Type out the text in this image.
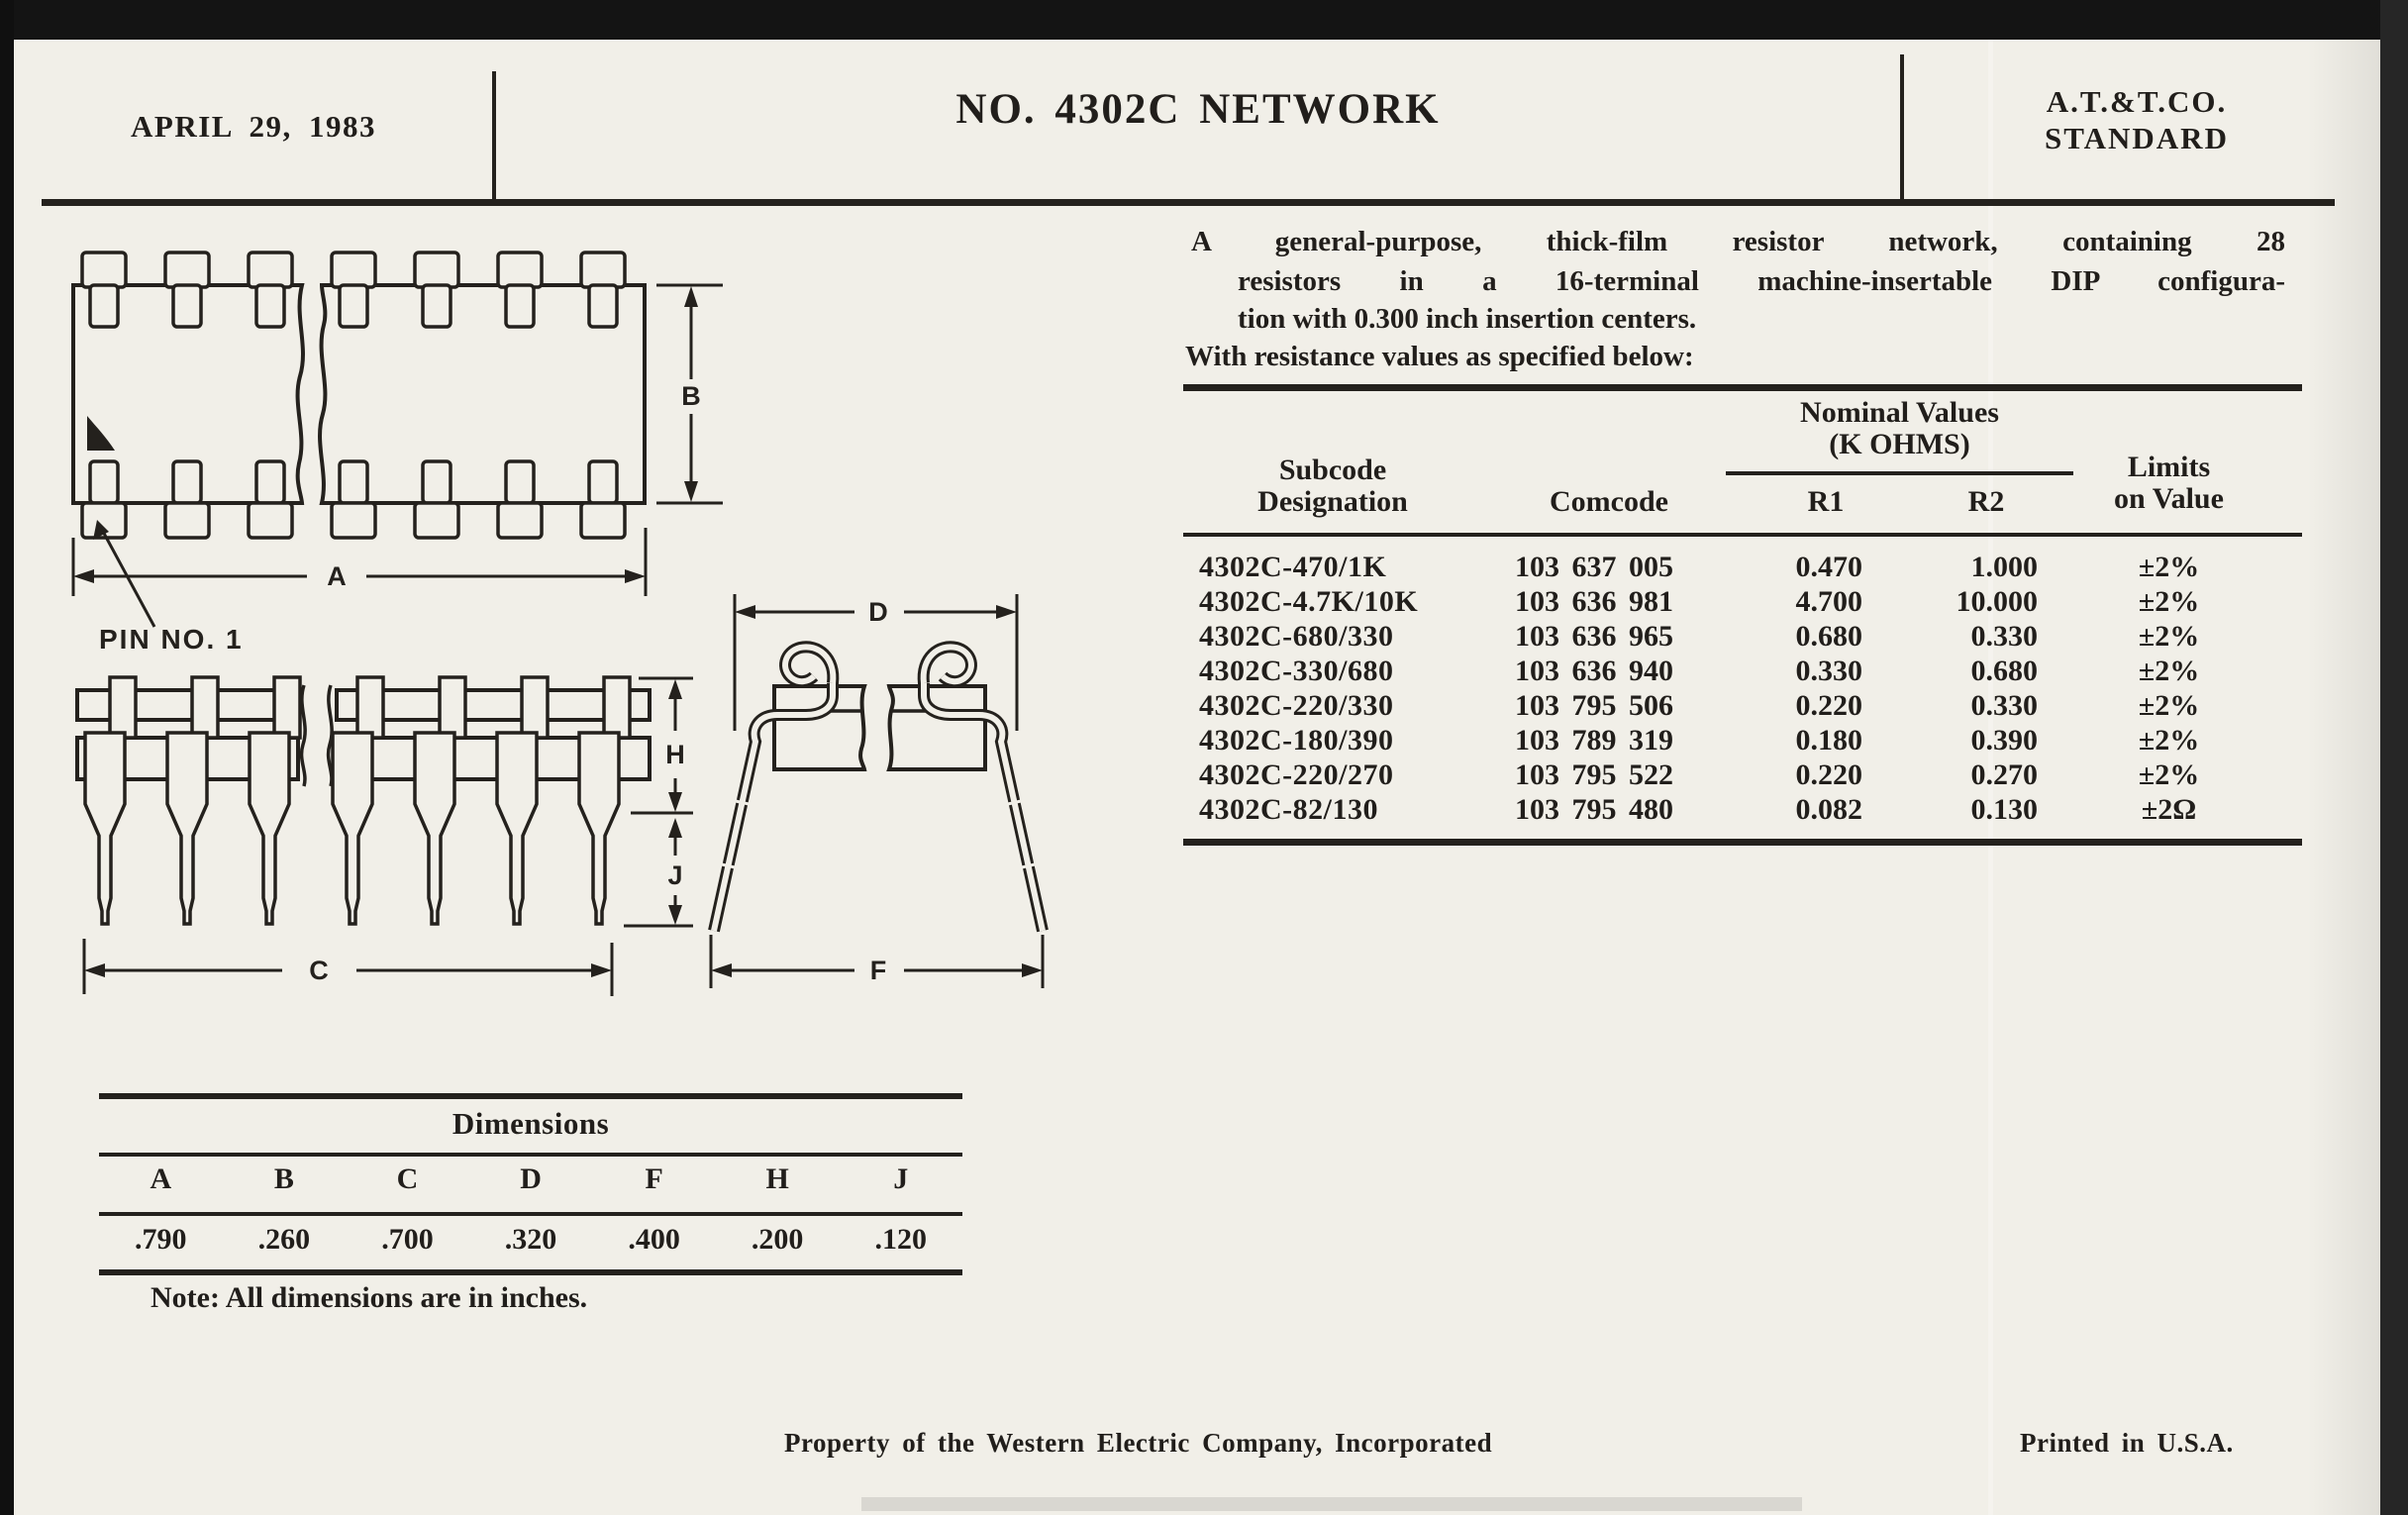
APRIL 29, 1983	NO. 4302C NETWORK	A.T.&T.CO.
STANDARD
A general-purpose, thick-film resistor network, containing 28
resistors in a 16-terminal machine-insertable DIP configura-
tion with 0.300 inch insertion centers.
With resistance values as specified below:
Nominal Values
(K OHMS)
Subcode
Designation	Comcode	R1	R2
Limits
on Value
4302C-470/1K	103 637 005	0.470	1.000	±2%
4302C-4.7K/10K	103 636 981	4.700	10.000	±2%
4302C-680/330	103 636 965	0.680	0.330	±2%
4302C-330/680	103 636 940	0.330	0.680	±2%
4302C-220/330	103 795 506	0.220	0.330	±2%
4302C-180/390	103 789 319	0.180	0.390	±2%
4302C-220/270	103 795 522	0.220	0.270	±2%
4302C-82/130	103 795 480	0.082	0.130	±2Ω
B
A
PIN NO. 1
H
J
C
D
F
Dimensions
A	B	C	D	F	H	J
.790	.260	.700	.320	.400	.200	.120
Note: All dimensions are in inches.
Property of the Western Electric Company, Incorporated	Printed in U.S.A.
